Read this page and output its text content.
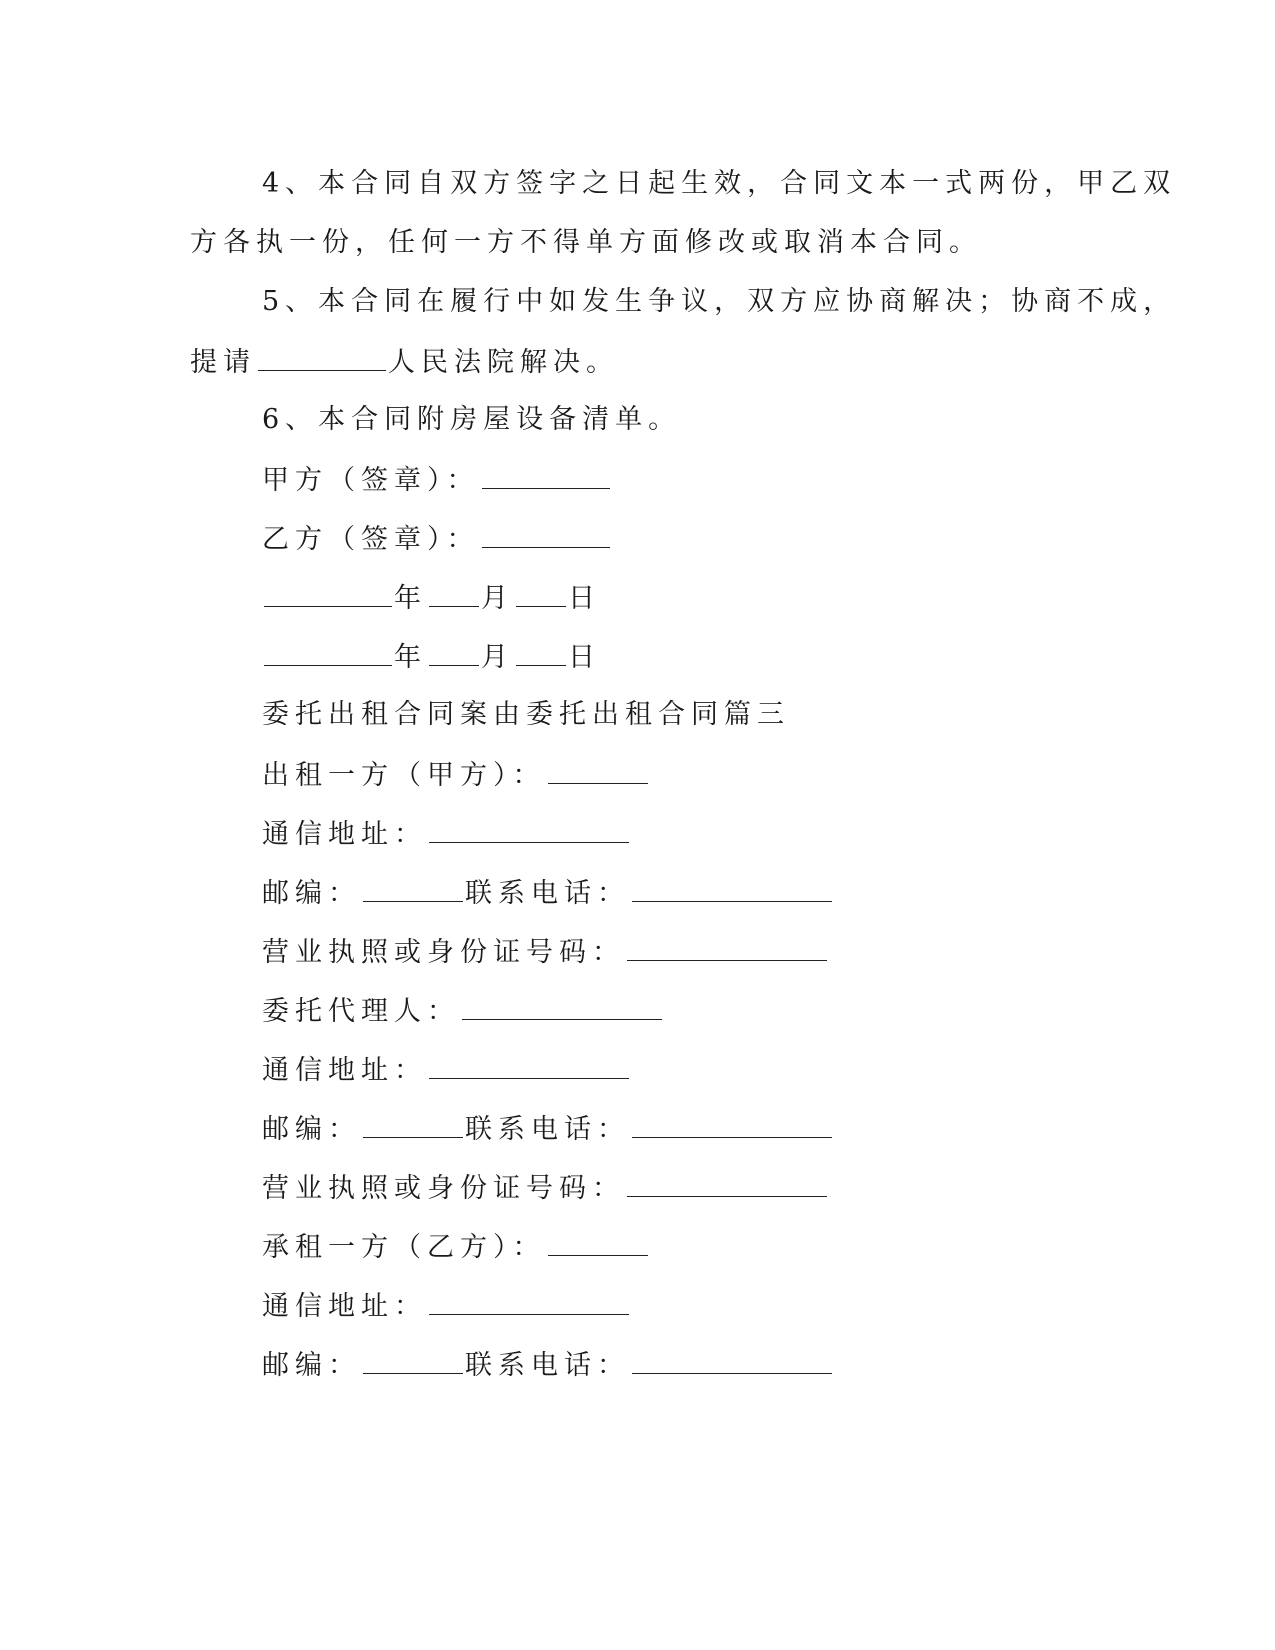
4、本合同自双方签字之日起生效，合同文本一式两份，甲乙双
方各执一份，任何一方不得单方面修改或取消本合同。
5、本合同在履行中如发生争议，双方应协商解决；协商不成，
提请	人民法院解决。
6、本合同附房屋设备清单。
甲方（签章）：
乙方（签章）：
年 月 日
年 月 日
委托出租合同案由委托出租合同篇三
出租一方（甲方）：
通信地址：
邮编：	联系电话：
营业执照或身份证号码：
委托代理人：
通信地址：
邮编：	联系电话：
营业执照或身份证号码：
承租一方（乙方）：
通信地址：
邮编：	联系电话：
